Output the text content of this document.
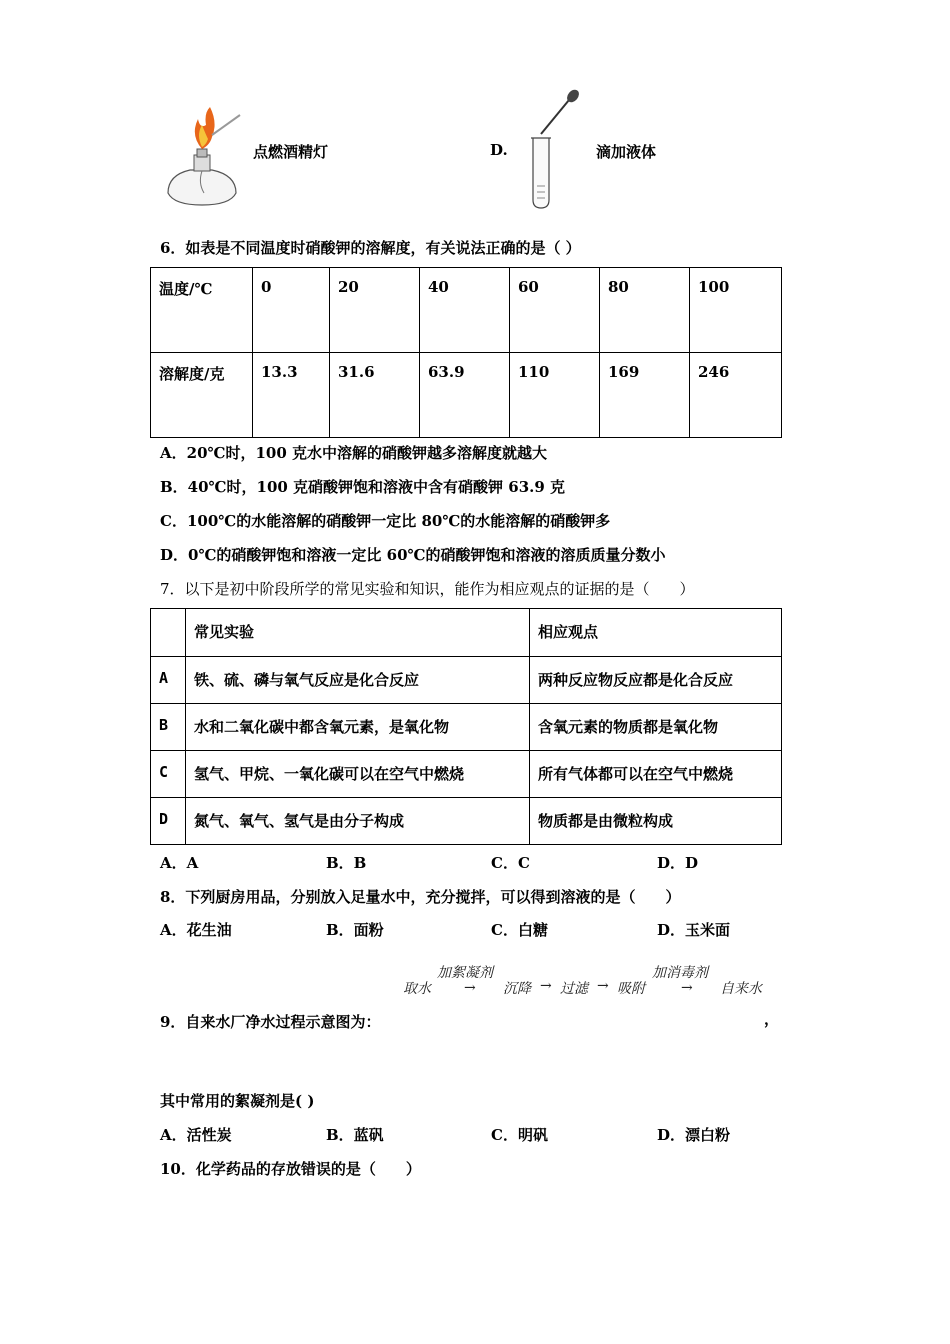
点燃酒精灯	D.	滴加液体
6．如表是不同温度时硝酸钾的溶解度，有关说法正确的是（ ）
温度/℃	0	20	40	60	80	100
溶解度/克	13.3	31.6	63.9	110	169	246
A．20℃时，100 克水中溶解的硝酸钾越多溶解度就越大
B．40℃时，100 克硝酸钾饱和溶液中含有硝酸钾 63.9 克
C．100℃的水能溶解的硝酸钾一定比 80℃的水能溶解的硝酸钾多
D．0℃的硝酸钾饱和溶液一定比 60℃的硝酸钾饱和溶液的溶质质量分数小
7．以下是初中阶段所学的常见实验和知识，能作为相应观点的证据的是（　　）
	常见实验	相应观点
A	铁、硫、磷与氧气反应是化合反应	两种反应物反应都是化合反应
B	水和二氧化碳中都含氧元素，是氧化物	含氧元素的物质都是氧化物
C	氢气、甲烷、一氧化碳可以在空气中燃烧	所有气体都可以在空气中燃烧
D	氮气、氧气、氢气是由分子构成	物质都是由微粒构成
A．A	B．B	C．C	D．D
8．下列厨房用品，分别放入足量水中，充分搅拌，可以得到溶液的是（　　）
A．花生油	B．面粉	C．白糖	D．玉米面
加絮凝剂	加消毒剂
取水 → 沉降 → 过滤 → 吸附	→ 自来水
9．自来水厂净水过程示意图为：	，
其中常用的絮凝剂是( )
A．活性炭	B．蓝矾	C．明矾	D．漂白粉
10．化学药品的存放错误的是（　　）
